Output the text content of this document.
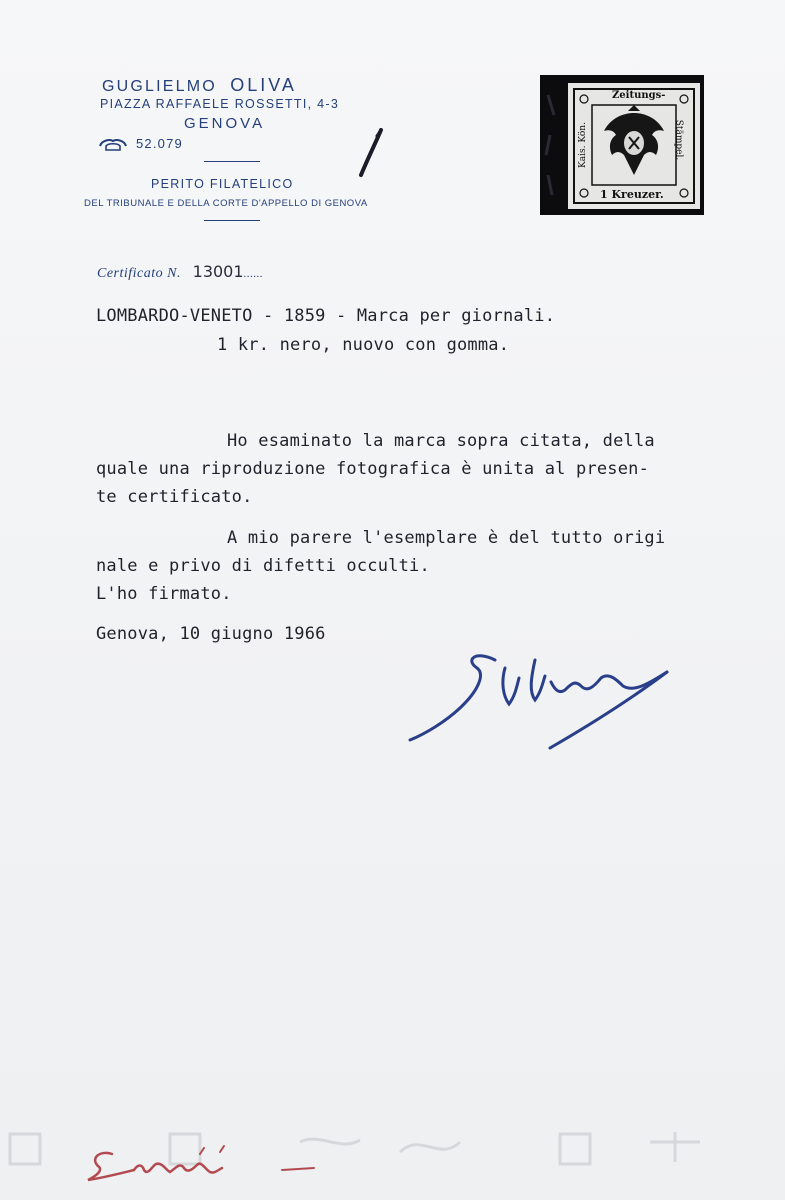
GUGLIELMO OLIVA
PIAZZA RAFFAELE ROSSETTI, 4-3
GENOVA
52.079
PERITO FILATELICO
DEL TRIBUNALE E DELLA CORTE D'APPELLO DI GENOVA
Zeitungs-
Kais. Kön.	Stämpel.
1 Kreuzer.
Certificato N. 13001......
LOMBARDO-VENETO - 1859 - Marca per giornali.
1 kr. nero, nuovo con gomma.
Ho esaminato la marca sopra citata, della
quale una riproduzione fotografica è unita al presen-
te certificato.
A mio parere l'esemplare è del tutto origi
nale e privo di difetti occulti.
L'ho firmato.
Genova, 10 giugno 1966
